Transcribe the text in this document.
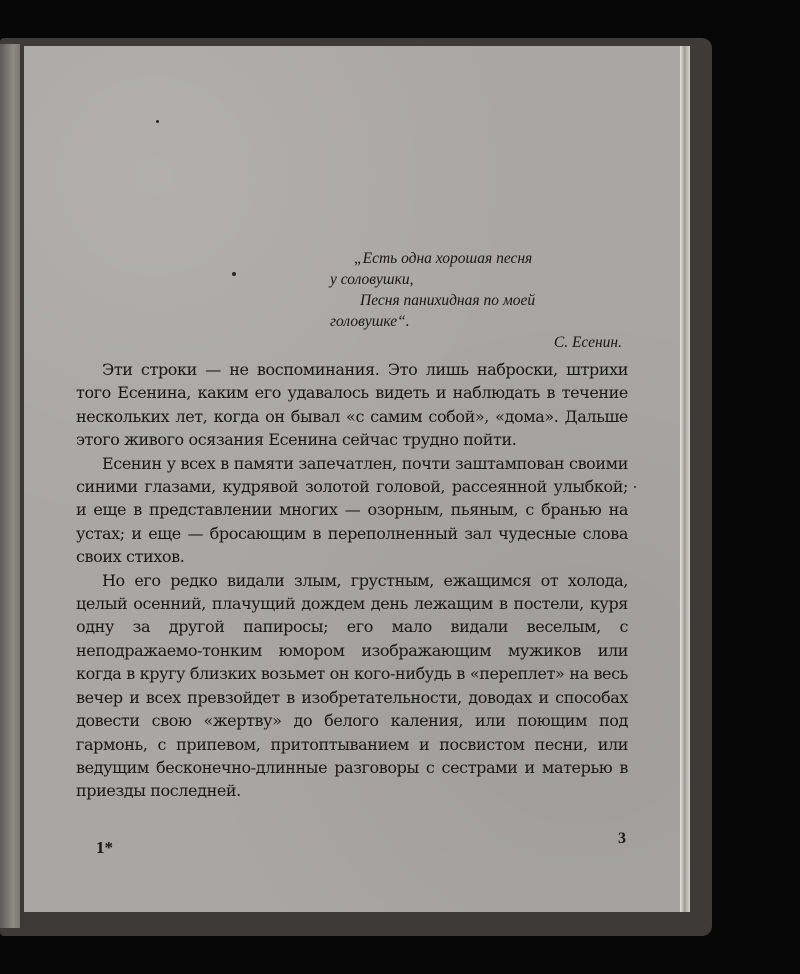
„Есть одна хорошая песня
у соловушки,
Песня панихидная по моей
головушке“.
С. Есенин.

Эти строки — не воспоминания. Это лишь наброски, штрихи того Есенина, каким его удавалось видеть и наблюдать в течение нескольких лет, когда он бывал «с самим собой», «дома». Дальше этого живого осязания Есенина сейчас трудно пойти.

Есенин у всех в памяти запечатлен, почти заштампован своими синими глазами, кудрявой золотой головой, рассеянной улыбкой; и еще в представлении многих — озорным, пьяным, с бранью на устах; и еще — бросающим в переполненный зал чудесные слова своих стихов.

Но его редко видали злым, грустным, ежащимся от холода, целый осенний, плачущий дождем день лежащим в постели, куря одну за другой папиросы; его мало видали веселым, с неподражаемо-тонким юмором изображающим мужиков или когда в кругу близких возьмет он кого-нибудь в «переплет» на весь вечер и всех превзойдет в изобретательности, доводах и способах довести свою «жертву» до белого каления, или поющим под гармонь, с припевом, притоптыванием и посвистом песни, или ведущим бесконечно-длинные разговоры с сестрами и матерью в приезды последней.

1*	3
